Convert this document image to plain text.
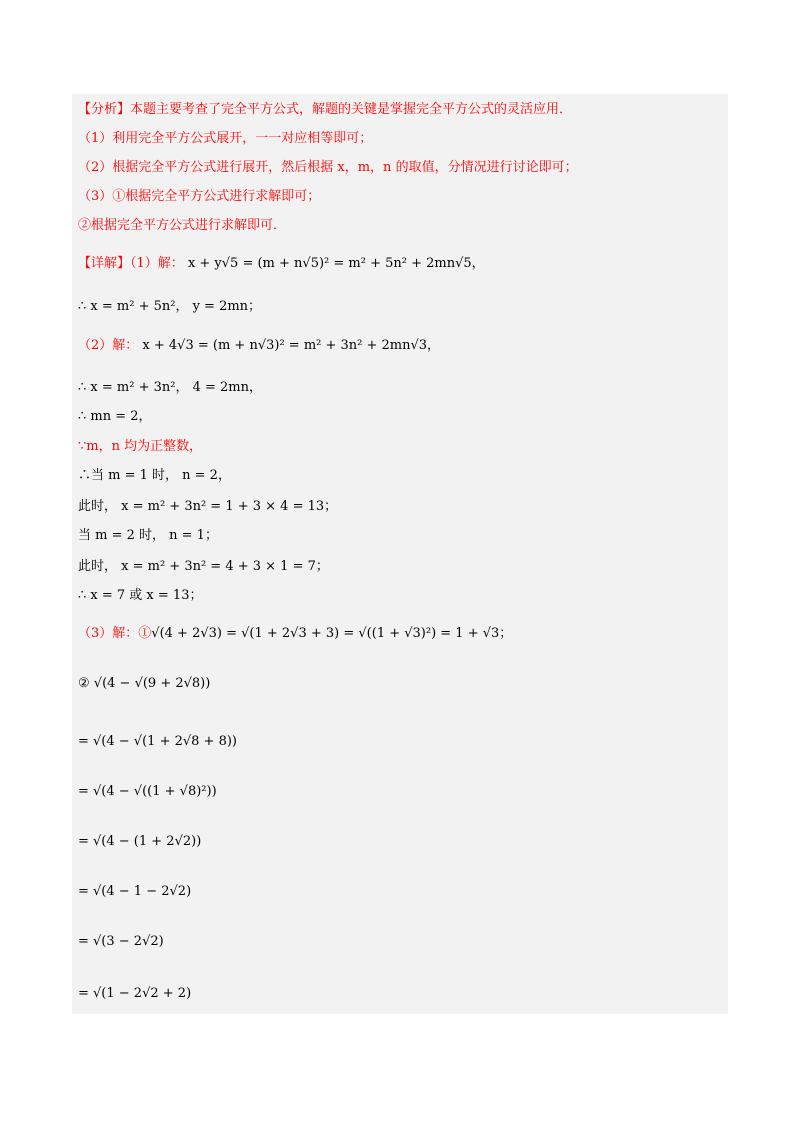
【分析】本题主要考查了完全平方公式，解题的关键是掌握完全平方公式的灵活应用．
（1）利用完全平方公式展开，一一对应相等即可；
（2）根据完全平方公式进行展开，然后根据 x，m，n 的取值，分情况进行讨论即可；
（3）①根据完全平方公式进行求解即可；
②根据完全平方公式进行求解即可．
【详解】（1）解： x + y√5 = (m + n√5)² = m² + 5n² + 2mn√5，
∴ x = m² + 5n²， y = 2mn；
（2）解： x + 4√3 = (m + n√3)² = m² + 3n² + 2mn√3，
∴ x = m² + 3n²， 4 = 2mn，
∴ mn = 2，
∵m，n 均为正整数，
∴当 m = 1 时， n = 2，
此时， x = m² + 3n² = 1 + 3 × 4 = 13；
当 m = 2 时， n = 1；
此时， x = m² + 3n² = 4 + 3 × 1 = 7；
∴ x = 7 或 x = 13；
（3）解：①√(4 + 2√3) = √(1 + 2√3 + 3) = √((1 + √3)²) = 1 + √3；
② √(4 − √(9 + 2√8))
= √(4 − √(1 + 2√8 + 8))
= √(4 − √((1 + √8)²))
= √(4 − (1 + 2√2))
= √(4 − 1 − 2√2)
= √(3 − 2√2)
= √(1 − 2√2 + 2)
